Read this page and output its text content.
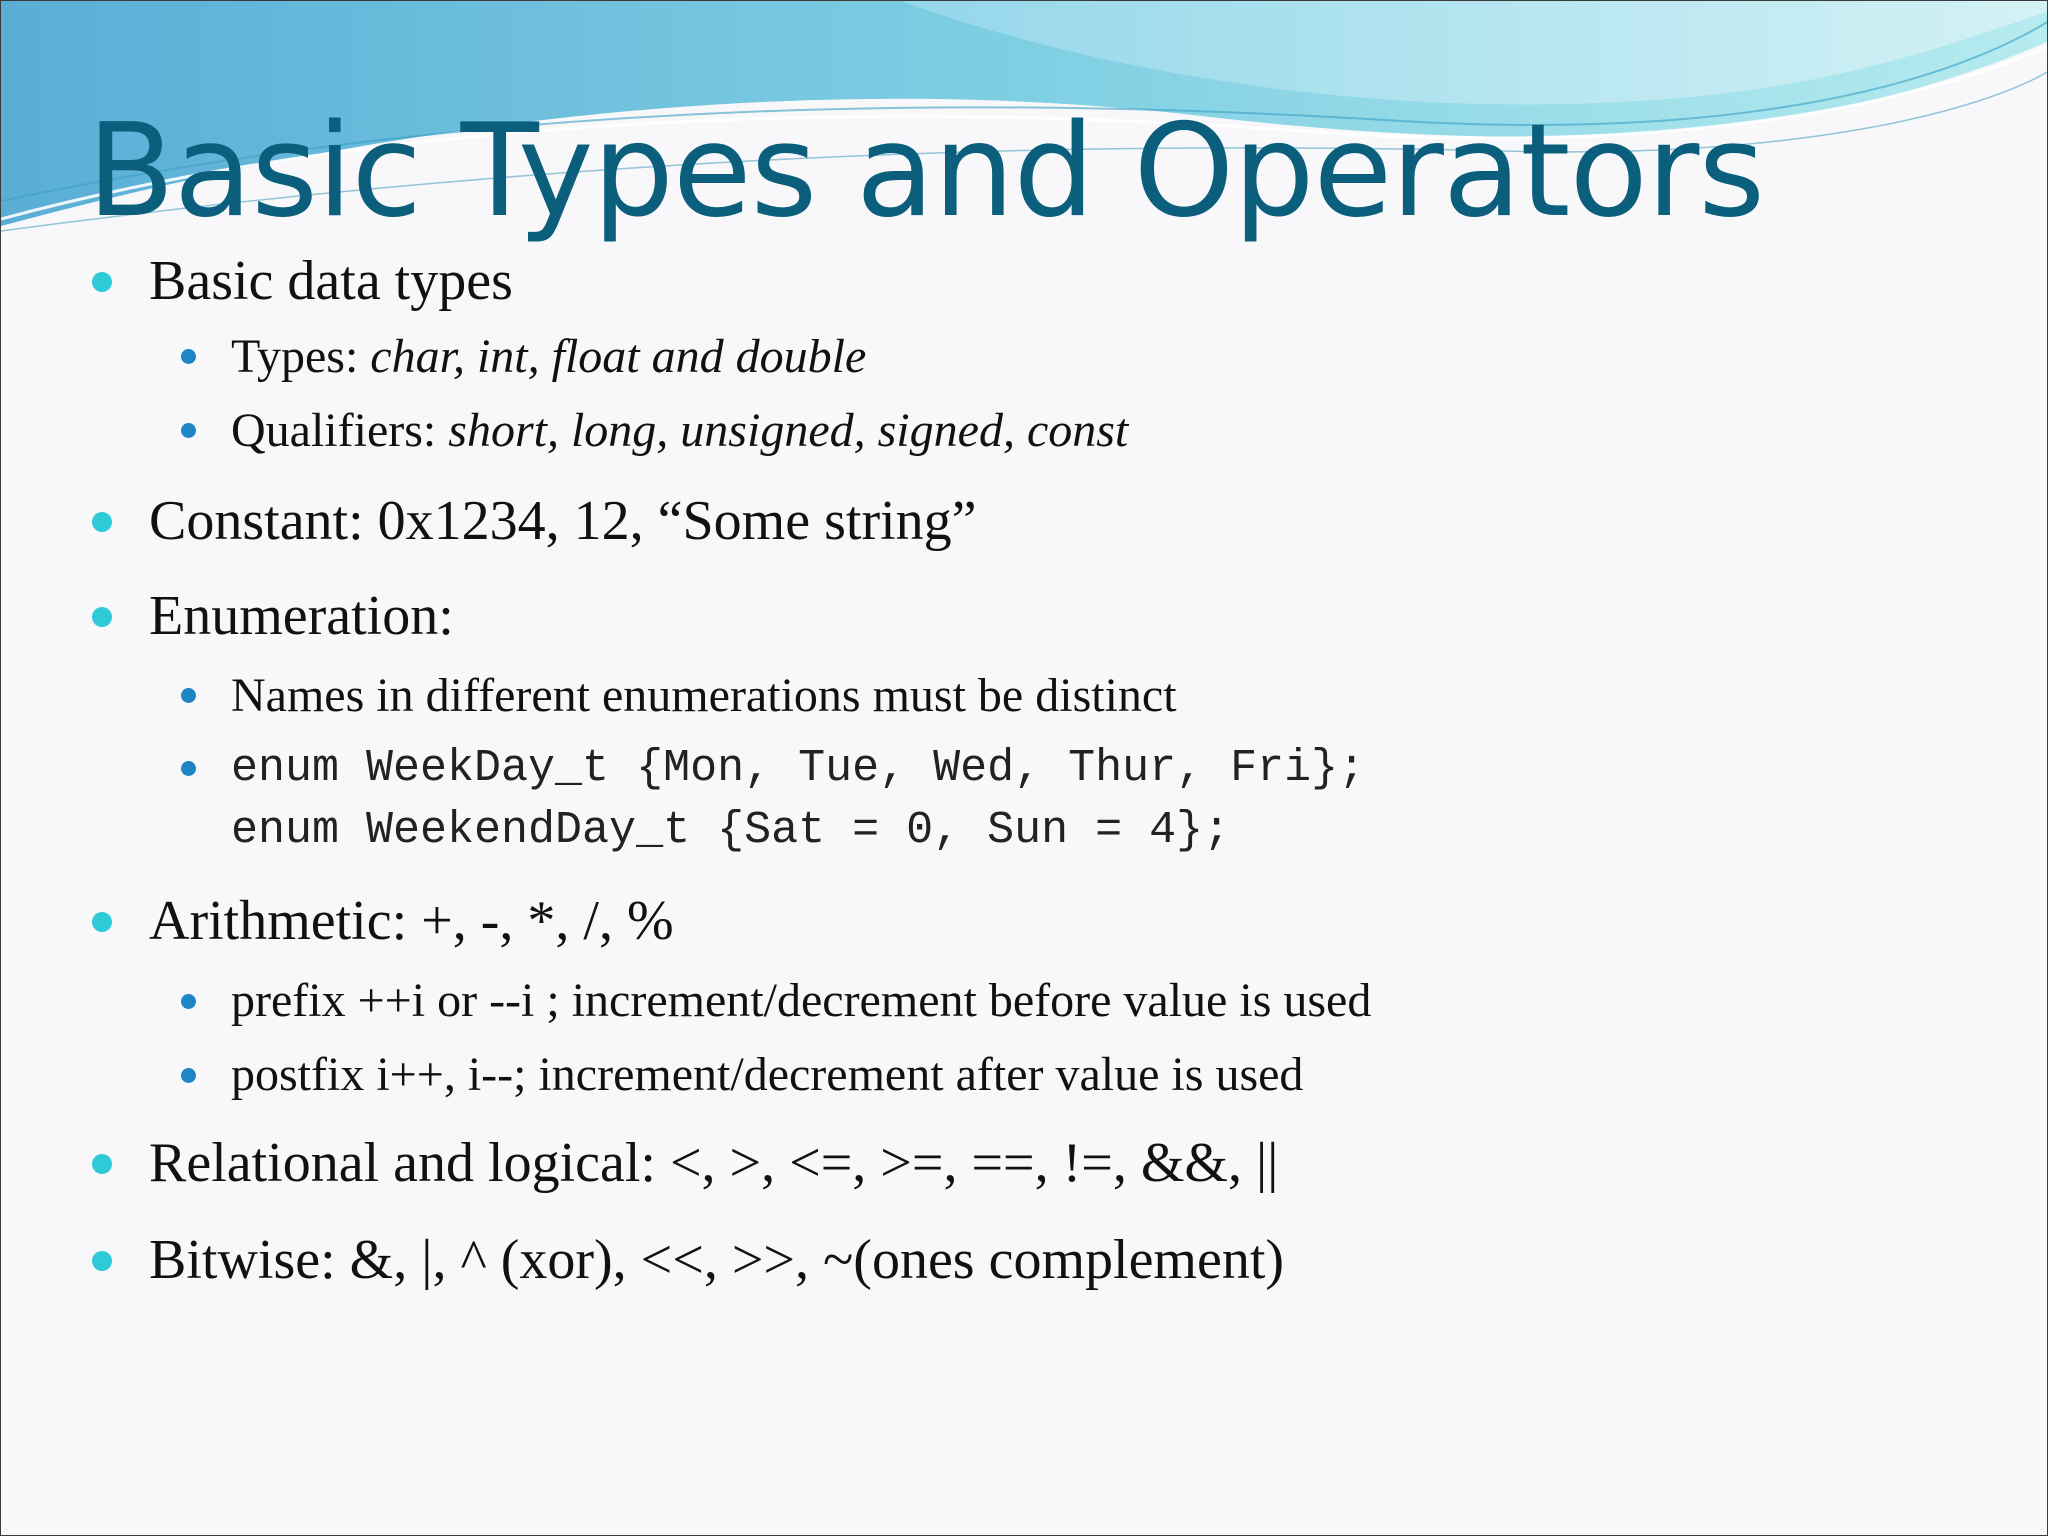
Basic Types and Operators
Basic data types
Types: char, int, float and double
Qualifiers: short, long, unsigned, signed, const
Constant: 0x1234, 12, “Some string”
Enumeration:
Names in different enumerations must be distinct
enum WeekDay_t {Mon, Tue, Wed, Thur, Fri};
enum WeekendDay_t {Sat = 0, Sun = 4};
Arithmetic: +, -, *, /, %
prefix ++i or --i ; increment/decrement before value is used
postfix i++, i--; increment/decrement after value is used
Relational and logical: <, >, <=, >=, ==, !=, &&, ||
Bitwise: &, |, ^ (xor), <<, >>, ~(ones complement)
